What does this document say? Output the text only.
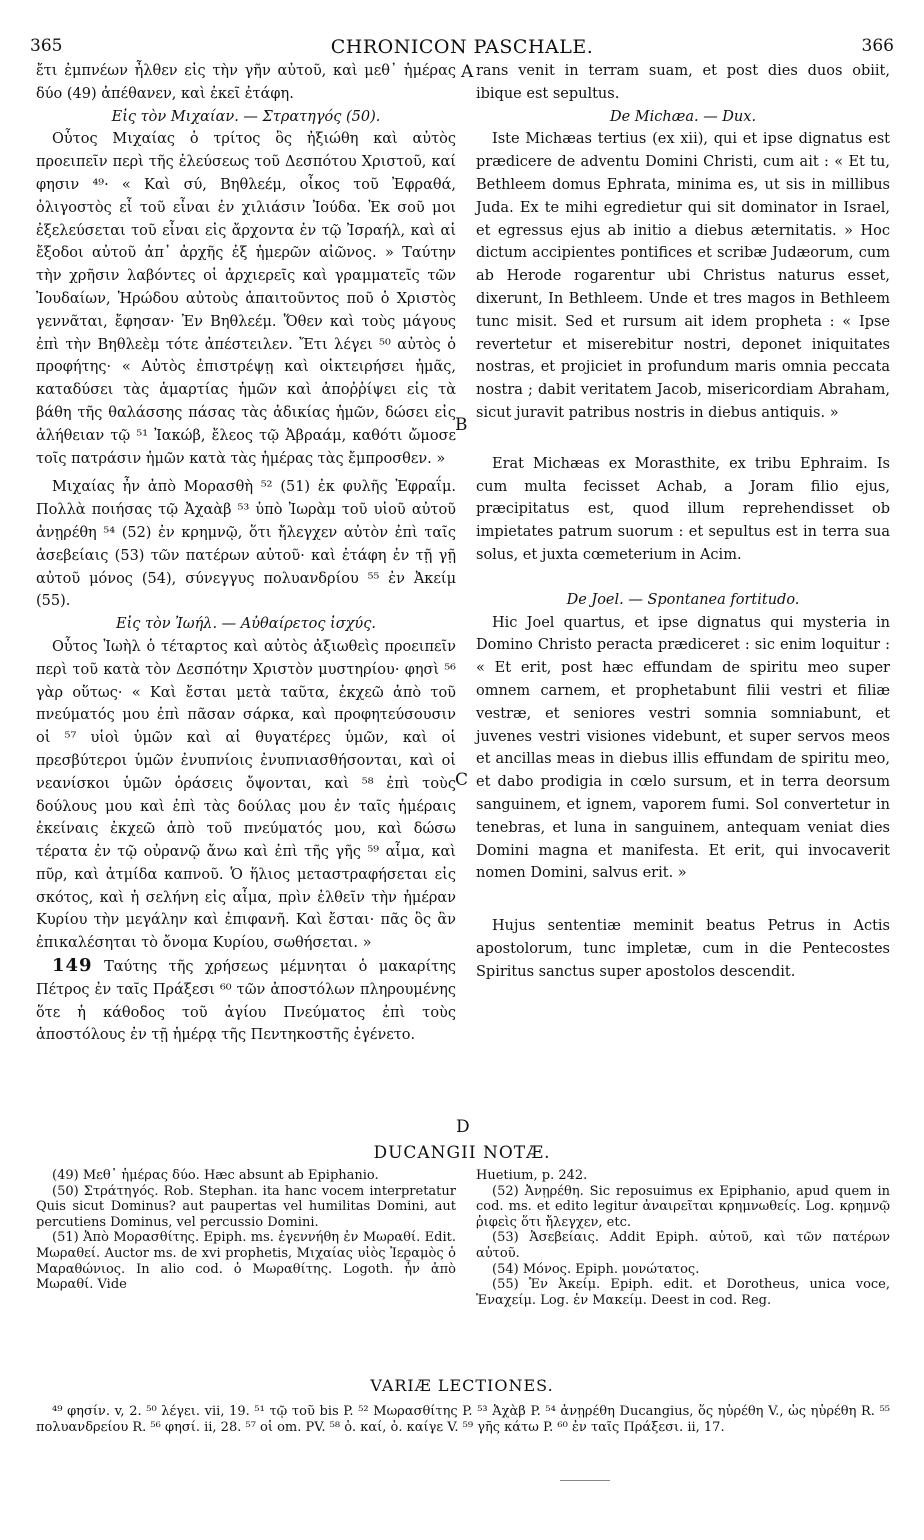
365	CHRONICON PASCHALE.	366

ἔτι ἐμπνέων ἦλθεν εἰς τὴν γῆν αὐτοῦ, καὶ μεθ᾽ ἡμέρας δύο (49) ἀπέθανεν, καὶ ἐκεῖ ἐτάφη.

Εἰς τὸν Μιχαίαν. — Στρατηγός (50).

Οὗτος Μιχαίας ὁ τρίτος ὃς ἠξιώθη καὶ αὐτὸς προειπεῖν περὶ τῆς ἐλεύσεως τοῦ Δεσπότου Χριστοῦ, καί φησιν ⁴⁹· « Καὶ σύ, Βηθλεέμ, οἶκος τοῦ Ἐφραθά, ὀλιγοστὸς εἶ τοῦ εἶναι ἐν χιλιάσιν Ἰούδα. Ἐκ σοῦ μοι ἐξελεύσεται τοῦ εἶναι εἰς ἄρχοντα ἐν τῷ Ἰσραήλ, καὶ αἱ ἔξοδοι αὐτοῦ ἀπ᾽ ἀρχῆς ἐξ ἡμερῶν αἰῶνος. » Ταύτην τὴν χρῆσιν λαβόντες οἱ ἀρχιερεῖς καὶ γραμματεῖς τῶν Ἰουδαίων, Ἡρώδου αὐτοὺς ἀπαιτοῦντος ποῦ ὁ Χριστὸς γεννᾶται, ἔφησαν· Ἐν Βηθλεέμ. Ὅθεν καὶ τοὺς μάγους ἐπὶ τὴν Βηθλεὲμ τότε ἀπέστειλεν. Ἔτι λέγει ⁵⁰ αὐτὸς ὁ προφήτης· « Αὐτὸς ἐπιστρέψῃ καὶ οἰκτειρήσει ἡμᾶς, καταδύσει τὰς ἁμαρτίας ἡμῶν καὶ ἀποῤῥίψει εἰς τὰ βάθη τῆς θαλάσσης πάσας τὰς ἀδικίας ἡμῶν, δώσει εἰς ἀλήθειαν τῷ ⁵¹ Ἰακώβ, ἔλεος τῷ Ἀβραάμ, καθότι ὤμοσε τοῖς πατράσιν ἡμῶν κατὰ τὰς ἡμέρας τὰς ἔμπροσθεν. »

Μιχαίας ἦν ἀπὸ Μορασθὴ ⁵² (51) ἐκ φυλῆς Ἐφραΐμ. Πολλὰ ποιήσας τῷ Ἀχαὰβ ⁵³ ὑπὸ Ἰωρὰμ τοῦ υἱοῦ αὐτοῦ ἀνῃρέθη ⁵⁴ (52) ἐν κρημνῷ, ὅτι ἤλεγχεν αὐτὸν ἐπὶ ταῖς ἀσεβείαις (53) τῶν πατέρων αὐτοῦ· καὶ ἐτάφη ἐν τῇ γῇ αὐτοῦ μόνος (54), σύνεγγυς πολυανδρίου ⁵⁵ ἐν Ἀκείμ (55).

Εἰς τὸν Ἰωήλ. — Αὐθαίρετος ἰσχύς.

Οὗτος Ἰωὴλ ὁ τέταρτος καὶ αὐτὸς ἀξιωθεὶς προειπεῖν περὶ τοῦ κατὰ τὸν Δεσπότην Χριστὸν μυστηρίου· φησὶ ⁵⁶ γὰρ οὕτως· « Καὶ ἔσται μετὰ ταῦτα, ἐκχεῶ ἀπὸ τοῦ πνεύματός μου ἐπὶ πᾶσαν σάρκα, καὶ προφητεύσουσιν οἱ ⁵⁷ υἱοὶ ὑμῶν καὶ αἱ θυγατέρες ὑμῶν, καὶ οἱ πρεσβύτεροι ὑμῶν ἐνυπνίοις ἐνυπνιασθήσονται, καὶ οἱ νεανίσκοι ὑμῶν ὁράσεις ὄψονται, καὶ ⁵⁸ ἐπὶ τοὺς δούλους μου καὶ ἐπὶ τὰς δούλας μου ἐν ταῖς ἡμέραις ἐκείναις ἐκχεῶ ἀπὸ τοῦ πνεύματός μου, καὶ δώσω τέρατα ἐν τῷ οὐρανῷ ἄνω καὶ ἐπὶ τῆς γῆς ⁵⁹ αἷμα, καὶ πῦρ, καὶ ἀτμίδα καπνοῦ. Ὁ ἥλιος μεταστραφήσεται εἰς σκότος, καὶ ἡ σελήνη εἰς αἷμα, πρὶν ἐλθεῖν τὴν ἡμέραν Κυρίου τὴν μεγάλην καὶ ἐπιφανῆ. Καὶ ἔσται· πᾶς ὃς ἂν ἐπικαλέσηται τὸ ὄνομα Κυρίου, σωθήσεται. »

149 Ταύτης τῆς χρήσεως μέμνηται ὁ μακαρίτης Πέτρος ἐν ταῖς Πράξεσι ⁶⁰ τῶν ἀποστόλων πληρουμένης ὅτε ἡ κάθοδος τοῦ ἁγίου Πνεύματος ἐπὶ τοὺς ἀποστόλους ἐν τῇ ἡμέρᾳ τῆς Πεντηκοστῆς ἐγένετο.

rans venit in terram suam, et post dies duos obiit, ibique est sepultus.

De Michæa. — Dux.

Iste Michæas tertius (ex xii), qui et ipse dignatus est prædicere de adventu Domini Christi, cum ait : « Et tu, Bethleem domus Ephrata, minima es, ut sis in millibus Juda. Ex te mihi egredietur qui sit dominator in Israel, et egressus ejus ab initio a diebus æternitatis. » Hoc dictum accipientes pontifices et scribæ Judæorum, cum ab Herode rogarentur ubi Christus naturus esset, dixerunt, In Bethleem. Unde et tres magos in Bethleem tunc misit. Sed et rursum ait idem propheta : « Ipse revertetur et miserebitur nostri, deponet iniquitates nostras, et projiciet in profundum maris omnia peccata nostra ; dabit veritatem Jacob, misericordiam Abraham, sicut juravit patribus nostris in diebus antiquis. »

Erat Michæas ex Morasthite, ex tribu Ephraim. Is cum multa fecisset Achab, a Joram filio ejus, præcipitatus est, quod illum reprehendisset ob impietates patrum suorum : et sepultus est in terra sua solus, et juxta cœmeterium in Acim.

De Joel. — Spontanea fortitudo.

Hic Joel quartus, et ipse dignatus qui mysteria in Domino Christo peracta prædiceret : sic enim loquitur : « Et erit, post hæc effundam de spiritu meo super omnem carnem, et prophetabunt filii vestri et filiæ vestræ, et seniores vestri somnia somniabunt, et juvenes vestri visiones videbunt, et super servos meos et ancillas meas in diebus illis effundam de spiritu meo, et dabo prodigia in cœlo sursum, et in terra deorsum sanguinem, et ignem, vaporem fumi. Sol convertetur in tenebras, et luna in sanguinem, antequam veniat dies Domini magna et manifesta. Et erit, qui invocaverit nomen Domini, salvus erit. »

Hujus sententiæ meminit beatus Petrus in Actis apostolorum, tunc impletæ, cum in die Pentecostes Spiritus sanctus super apostolos descendit.

A
B
C
D
DUCANGII NOTÆ.

(49) Μεθ᾽ ἡμέρας δύο. Hæc absunt ab Epiphanio.

(50) Στράτηγός. Rob. Stephan. ita hanc vocem interpretatur Quis sicut Dominus? aut paupertas vel humilitas Domini, aut percutiens Dominus, vel percussio Domini.

(51) Ἀπὸ Μορασθίτης. Epiph. ms. ἐγεννήθη ἐν Μωραθί. Edit. Μωραθεί. Auctor ms. de xvi prophetis, Μιχαίας υἱὸς Ἰεραμὸς ὁ Μαραθώνιος. In alio cod. ὁ Μωραθίτης. Logoth. ἦν ἀπὸ Μωραθί. Vide

Huetium, p. 242.

(52) Ἀνῃρέθη. Sic reposuimus ex Epiphanio, apud quem in cod. ms. et edito legitur ἀναιρεῖται κρημνωθείς. Log. κρημνῷ ῥιφεὶς ὅτι ἤλεγχεν, etc.

(53) Ἀσεβείαις. Addit Epiph. αὐτοῦ, καὶ τῶν πατέρων αὐτοῦ.

(54) Μόνος. Epiph. μονώτατος.

(55) Ἐν Ἀκείμ. Epiph. edit. et Dorotheus, unica voce, Ἐναχείμ. Log. ἐν Μακείμ. Deest in cod. Reg.

VARIÆ LECTIONES.

⁴⁹ φησίν. v, 2. ⁵⁰ λέγει. vii, 19. ⁵¹ τῷ τοῦ bis P. ⁵² Μωρασθίτης P. ⁵³ Ἀχὰβ P. ⁵⁴ ἀνῃρέθη Ducangius, ὅς ηὑρέθη V., ὡς ηὑρέθη R. ⁵⁵ πολυανδρείου R. ⁵⁶ φησί. ii, 28. ⁵⁷ οἱ om. PV. ⁵⁸ ὁ. καί, ὁ. καίγε V. ⁵⁹ γῆς κάτω P. ⁶⁰ ἐν ταῖς Πράξεσι. ii, 17.
